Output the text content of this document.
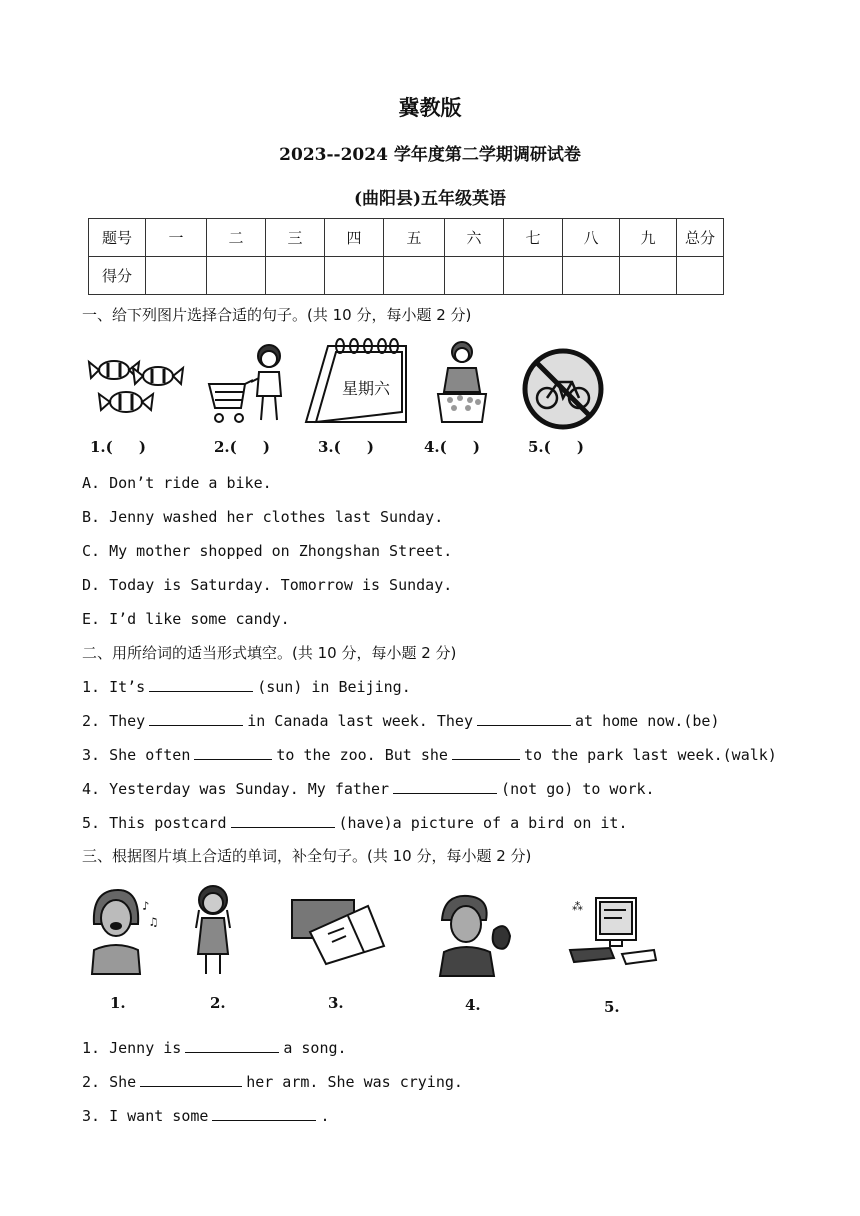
冀教版
2023--2024 学年度第二学期调研试卷
(曲阳县)五年级英语
题号	一	二	三	四	五	六	七	八	九	总分
得分										
一、给下列图片选择合适的句子。(共 10 分，每小题 2 分)
星期六
1.(     )	2.(     )	3.(     )	4.(     )	5.(     )
A. Don’t ride a bike.
B. Jenny washed her clothes last Sunday.
C. My mother shopped on Zhongshan Street.
D. Today is Saturday. Tomorrow is Sunday.
E. I’d like some candy.
二、用所给词的适当形式填空。(共 10 分，每小题 2 分)
1. It’s	(sun) in Beijing.
2. They	in Canada last week. They	at home now.(be)
3. She often	to the zoo. But she	to the park last week.(walk)
4. Yesterday was Sunday. My father	(not go) to work.
5. This postcard	(have)a picture of a bird on it.
三、根据图片填上合适的单词，补全句子。(共 10 分，每小题 2 分)
♪
♫
⁂
1.	2.	3.	4.	5.
1. Jenny is	a song.
2. She	her arm. She was crying.
3. I want some	.
